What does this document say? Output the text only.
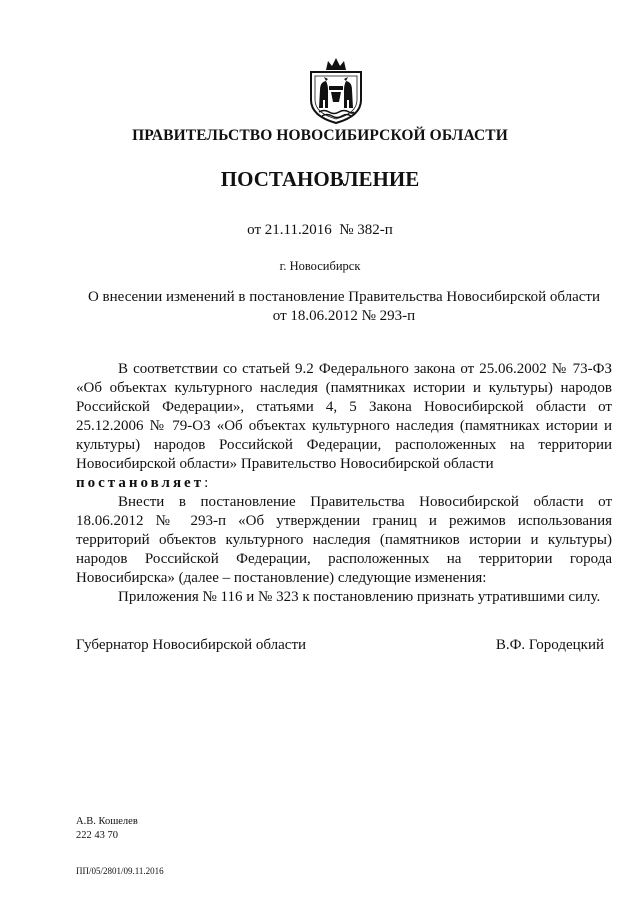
ПРАВИТЕЛЬСТВО НОВОСИБИРСКОЙ ОБЛАСТИ
ПОСТАНОВЛЕНИЕ
от 21.11.2016  № 382-п
г. Новосибирск
О внесении изменений в постановление Правительства Новосибирской области
от 18.06.2012 № 293-п

В соответствии со статьей 9.2 Федерального закона от 25.06.2002 № 73-ФЗ «Об объектах культурного наследия (памятниках истории и культуры) народов Российской Федерации», статьями 4, 5 Закона Новосибирской области от 25.12.2006 № 79-ОЗ «Об объектах культурного наследия (памятниках истории и культуры) народов Российской Федерации, расположенных на территории Новосибирской области» Правительство Новосибирской области

постановляет:

Внести в постановление Правительства Новосибирской области от 18.06.2012 № 293-п «Об утверждении границ и режимов использования территорий объектов культурного наследия (памятников истории и культуры) народов Российской Федерации, расположенных на территории города Новосибирска» (далее – постановление) следующие изменения:

Приложения № 116 и № 323 к постановлению признать утратившими силу.

Губернатор Новосибирской области	В.Ф. Городецкий
А.В. Кошелев
222 43 70
ПП/05/2801/09.11.2016
